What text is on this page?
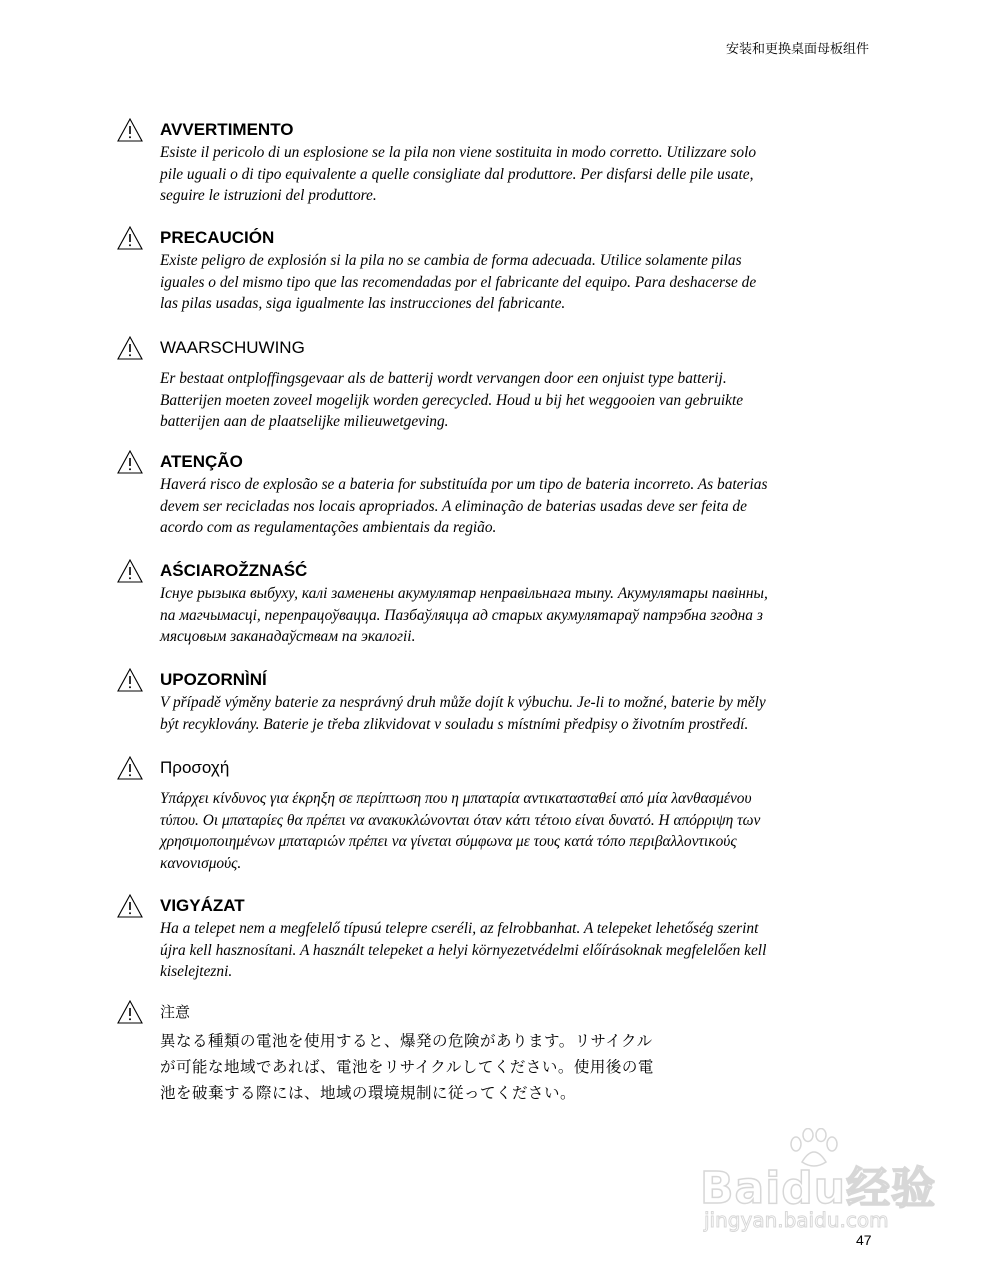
安装和更换桌面母板组件
AVVERTIMENTO
Esiste il pericolo di un esplosione se la pila non viene sostituita in modo corretto. Utilizzare solo
pile uguali o di tipo equivalente a quelle consigliate dal produttore. Per disfarsi delle pile usate,
seguire le istruzioni del produttore.
PRECAUCIÓN
Existe peligro de explosión si la pila no se cambia de forma adecuada. Utilice solamente pilas
iguales o del mismo tipo que las recomendadas por el fabricante del equipo. Para deshacerse de
las pilas usadas, siga igualmente las instrucciones del fabricante.
WAARSCHUWING
Er bestaat ontploffingsgevaar als de batterij wordt vervangen door een onjuist type batterij.
Batterijen moeten zoveel mogelijk worden gerecycled. Houd u bij het weggooien van gebruikte
batterijen aan de plaatselijke milieuwetgeving.
ATENÇÃO
Haverá risco de explosão se a bateria for substituída por um tipo de bateria incorreto. As baterias
devem ser recicladas nos locais apropriados. A eliminação de baterias usadas deve ser feita de
acordo com as regulamentações ambientais da região.
AŚCIAROŽZNAŚĆ
Існуе рызыка выбуху, калі заменены акумулятар неправільнага тыпу. Акумулятары павінны,
па магчымасці, перепрацоўвацца. Пазбаўляцца ад старых акумулятараў патрэбна згодна з
мясцовым заканадаўствам па экалогіі.
UPOZORNÌNÍ
V případě výměny baterie za nesprávný druh může dojít k výbuchu. Je-li to možné, baterie by měly
být recyklovány. Baterie je třeba zlikvidovat v souladu s místními předpisy o životním prostředí.
Προσοχή
Υπάρχει κίνδυνος για έκρηξη σε περίπτωση που η μπαταρία αντικατασταθεί από μία λανθασμένου
τύπου. Οι μπαταρίες θα πρέπει να ανακυκλώνονται όταν κάτι τέτοιο είναι δυνατό. Η απόρριψη των
χρησιμοποιημένων μπαταριών πρέπει να γίνεται σύμφωνα με τους κατά τόπο περιβαλλοντικούς
κανονισμούς.
VIGYÁZAT
Ha a telepet nem a megfelelő típusú telepre cseréli, az felrobbanhat. A telepeket lehetőség szerint
újra kell hasznosítani. A használt telepeket a helyi környezetvédelmi előírásoknak megfelelően kell
kiselejtezni.
注意
異なる種類の電池を使用すると、爆発の危険があります。リサイクル
が可能な地域であれば、電池をリサイクルしてください。使用後の電
池を破棄する際には、地域の環境規制に従ってください。
Baidu经验
jingyan.baidu.com
47
